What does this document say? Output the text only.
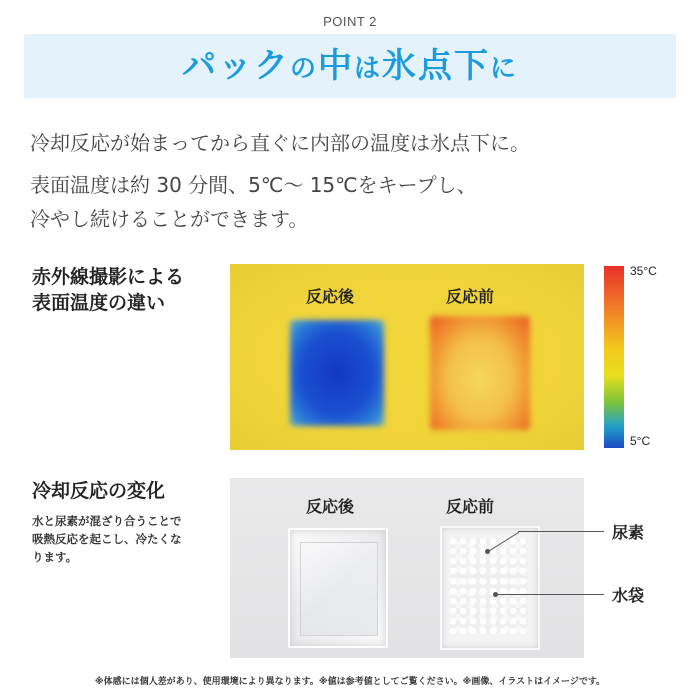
POINT 2
パックの中は氷点下に
冷却反応が始まってから直ぐに内部の温度は氷点下に。
表面温度は約 30 分間、5℃～ 15℃をキープし、
冷やし続けることができます。
赤外線撮影による
表面温度の違い	反応後	反応前
35°C
5°C
冷却反応の変化
水と尿素が混ざり合うことで
吸熱反応を起こし、冷たくな
ります。
反応後	反応前
尿素
水袋
※体感には個人差があり、使用環境により異なります。※値は参考値としてご覧ください。※画像、イラストはイメージです。
